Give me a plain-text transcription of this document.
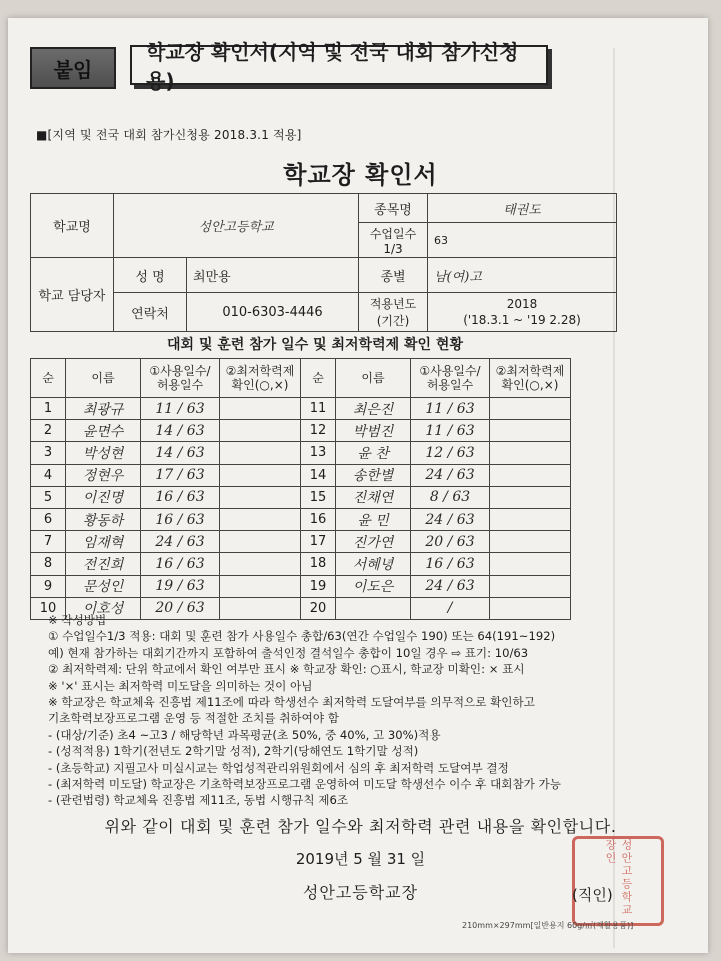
붙임
학교장 확인서(지역 및 전국 대회 참가신청용)
■[지역 및 전국 대회 참가신청용 2018.3.1 적용]
학교장 확인서
학교명	성안고등학교		종목명	태권도
			수업일수 1/3	63
학교 담당자	성 명	최만용	종별	남(여)고
	연락처	010-6303-4446	적용년도 (기간)	2018
('18.3.1 ~ '19 2.28)
대회 및 훈련 참가 일수 및 최저학력제 확인 현황
순	이름	①사용일수/ 허용일수	②최저학력제 확인(○,×)	순	이름	①사용일수/ 허용일수	②최저학력제 확인(○,×)
1	최광규	11 / 63		11	최은진	11 / 63	
2	윤면수	14 / 63		12	박범진	11 / 63	
3	박성현	14 / 63		13	윤 찬	12 / 63	
4	정현우	17 / 63		14	송한별	24 / 63	
5	이진명	16 / 63		15	진채연	8 / 63	
6	황동하	16 / 63		16	윤 민	24 / 63	
7	임재혁	24 / 63		17	진가연	20 / 63	
8	전진희	16 / 63		18	서혜녕	16 / 63	
9	문성인	19 / 63		19	이도은	24 / 63	
10	이호성	20 / 63		20		/	
※ 작성방법
① 수업일수1/3 적용: 대회 및 훈련 참가 사용일수 총합/63(연간 수업일수 190) 또는 64(191~192)
예) 현재 참가하는 대회기간까지 포함하여 출석인정 결석일수 총합이 10일 경우 ⇨ 표기: 10/63
② 최저학력제: 단위 학교에서 확인 여부만 표시 ※ 학교장 확인: ○표시, 학교장 미확인: × 표시
※ '×' 표시는 최저학력 미도달을 의미하는 것이 아님
※ 학교장은 학교체육 진흥법 제11조에 따라 학생선수 최저학력 도달여부를 의무적으로 확인하고
기초학력보장프로그램 운영 등 적절한 조치를 취하여야 함
- (대상/기준) 초4 ~고3 / 해당학년 과목평균(초 50%, 중 40%, 고 30%)적용
- (성적적용) 1학기(전년도 2학기말 성적), 2학기(당해연도 1학기말 성적)
- (초등학교) 지필고사 미실시교는 학업성적관리위원회에서 심의 후 최저학력 도달여부 결정
- (최저학력 미도달) 학교장은 기초학력보장프로그램 운영하여 미도달 학생선수 이수 후 대회참가 가능
- (관련법령) 학교체육 진흥법 제11조, 동법 시행규칙 제6조
위와 같이 대회 및 훈련 참가 일수와 최저학력 관련 내용을 확인합니다.
2019년 5 월 31 일
성안고등학교장	성안고등학교장인
(직인)
210mm×297mm[일반용지 60g/㎡(재활용품)]
